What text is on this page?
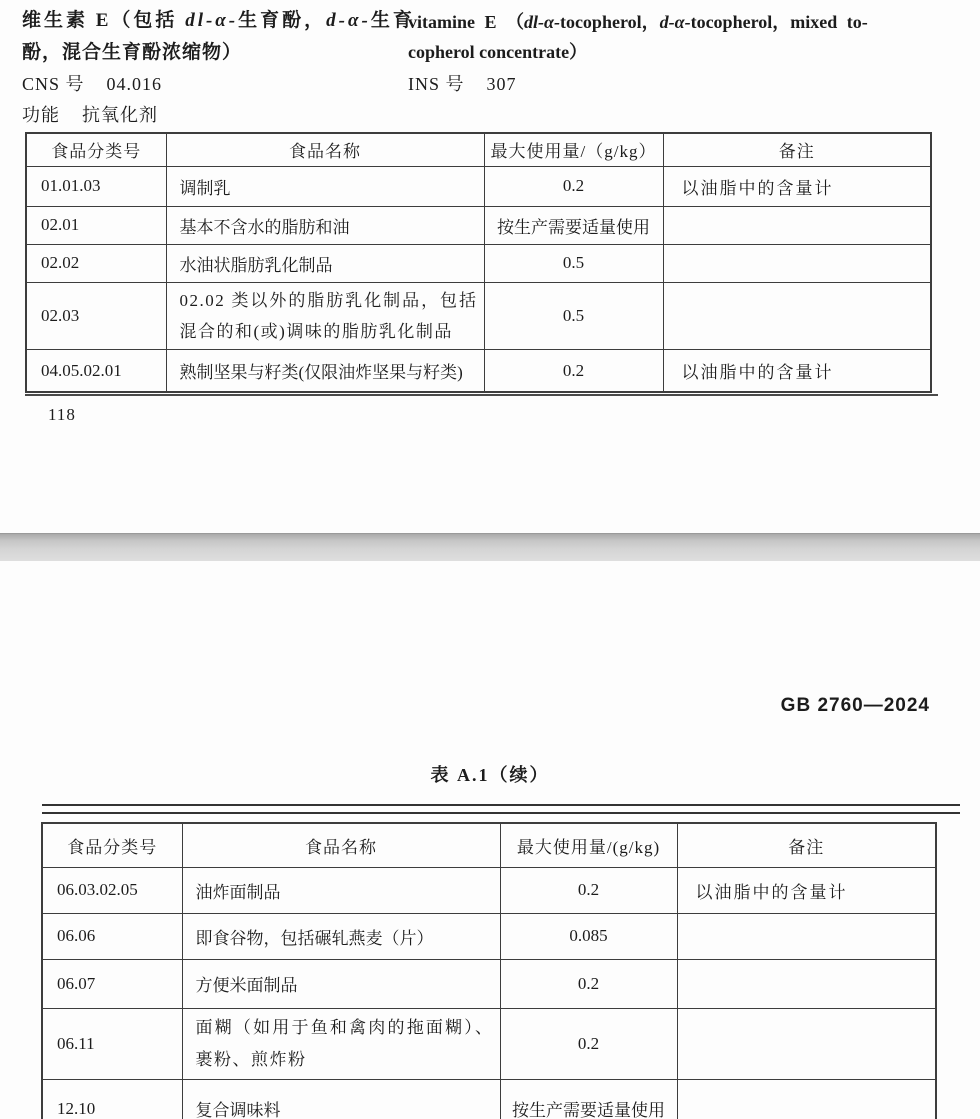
维生素 E（包括 dl-α-生育酚，d-α-生育
酚，混合生育酚浓缩物）
CNS 号 04.016
功能 抗氧化剂
vitamine E （dl-α-tocopherol，d-α-tocopherol，mixed to-
copherol concentrate）
INS 号 307
食品分类号	食品名称	最大使用量/（g/kg）	备注
01.01.03	调制乳	0.2	以油脂中的含量计
02.01	基本不含水的脂肪和油	按生产需要适量使用	
02.02	水油状脂肪乳化制品	0.5	
02.03	02.02 类以外的脂肪乳化制品，包括混合的和(或)调味的脂肪乳化制品	0.5	
04.05.02.01	熟制坚果与籽类(仅限油炸坚果与籽类)	0.2	以油脂中的含量计
118
GB 2760—2024
表 A.1（续）
食品分类号	食品名称	最大使用量/(g/kg)	备注
06.03.02.05	油炸面制品	0.2	以油脂中的含量计
06.06	即食谷物，包括碾轧燕麦（片）	0.085	
06.07	方便米面制品	0.2	
06.11	面糊（如用于鱼和禽肉的拖面糊）、裹粉、煎炸粉	0.2	
12.10	复合调味料	按生产需要适量使用	
